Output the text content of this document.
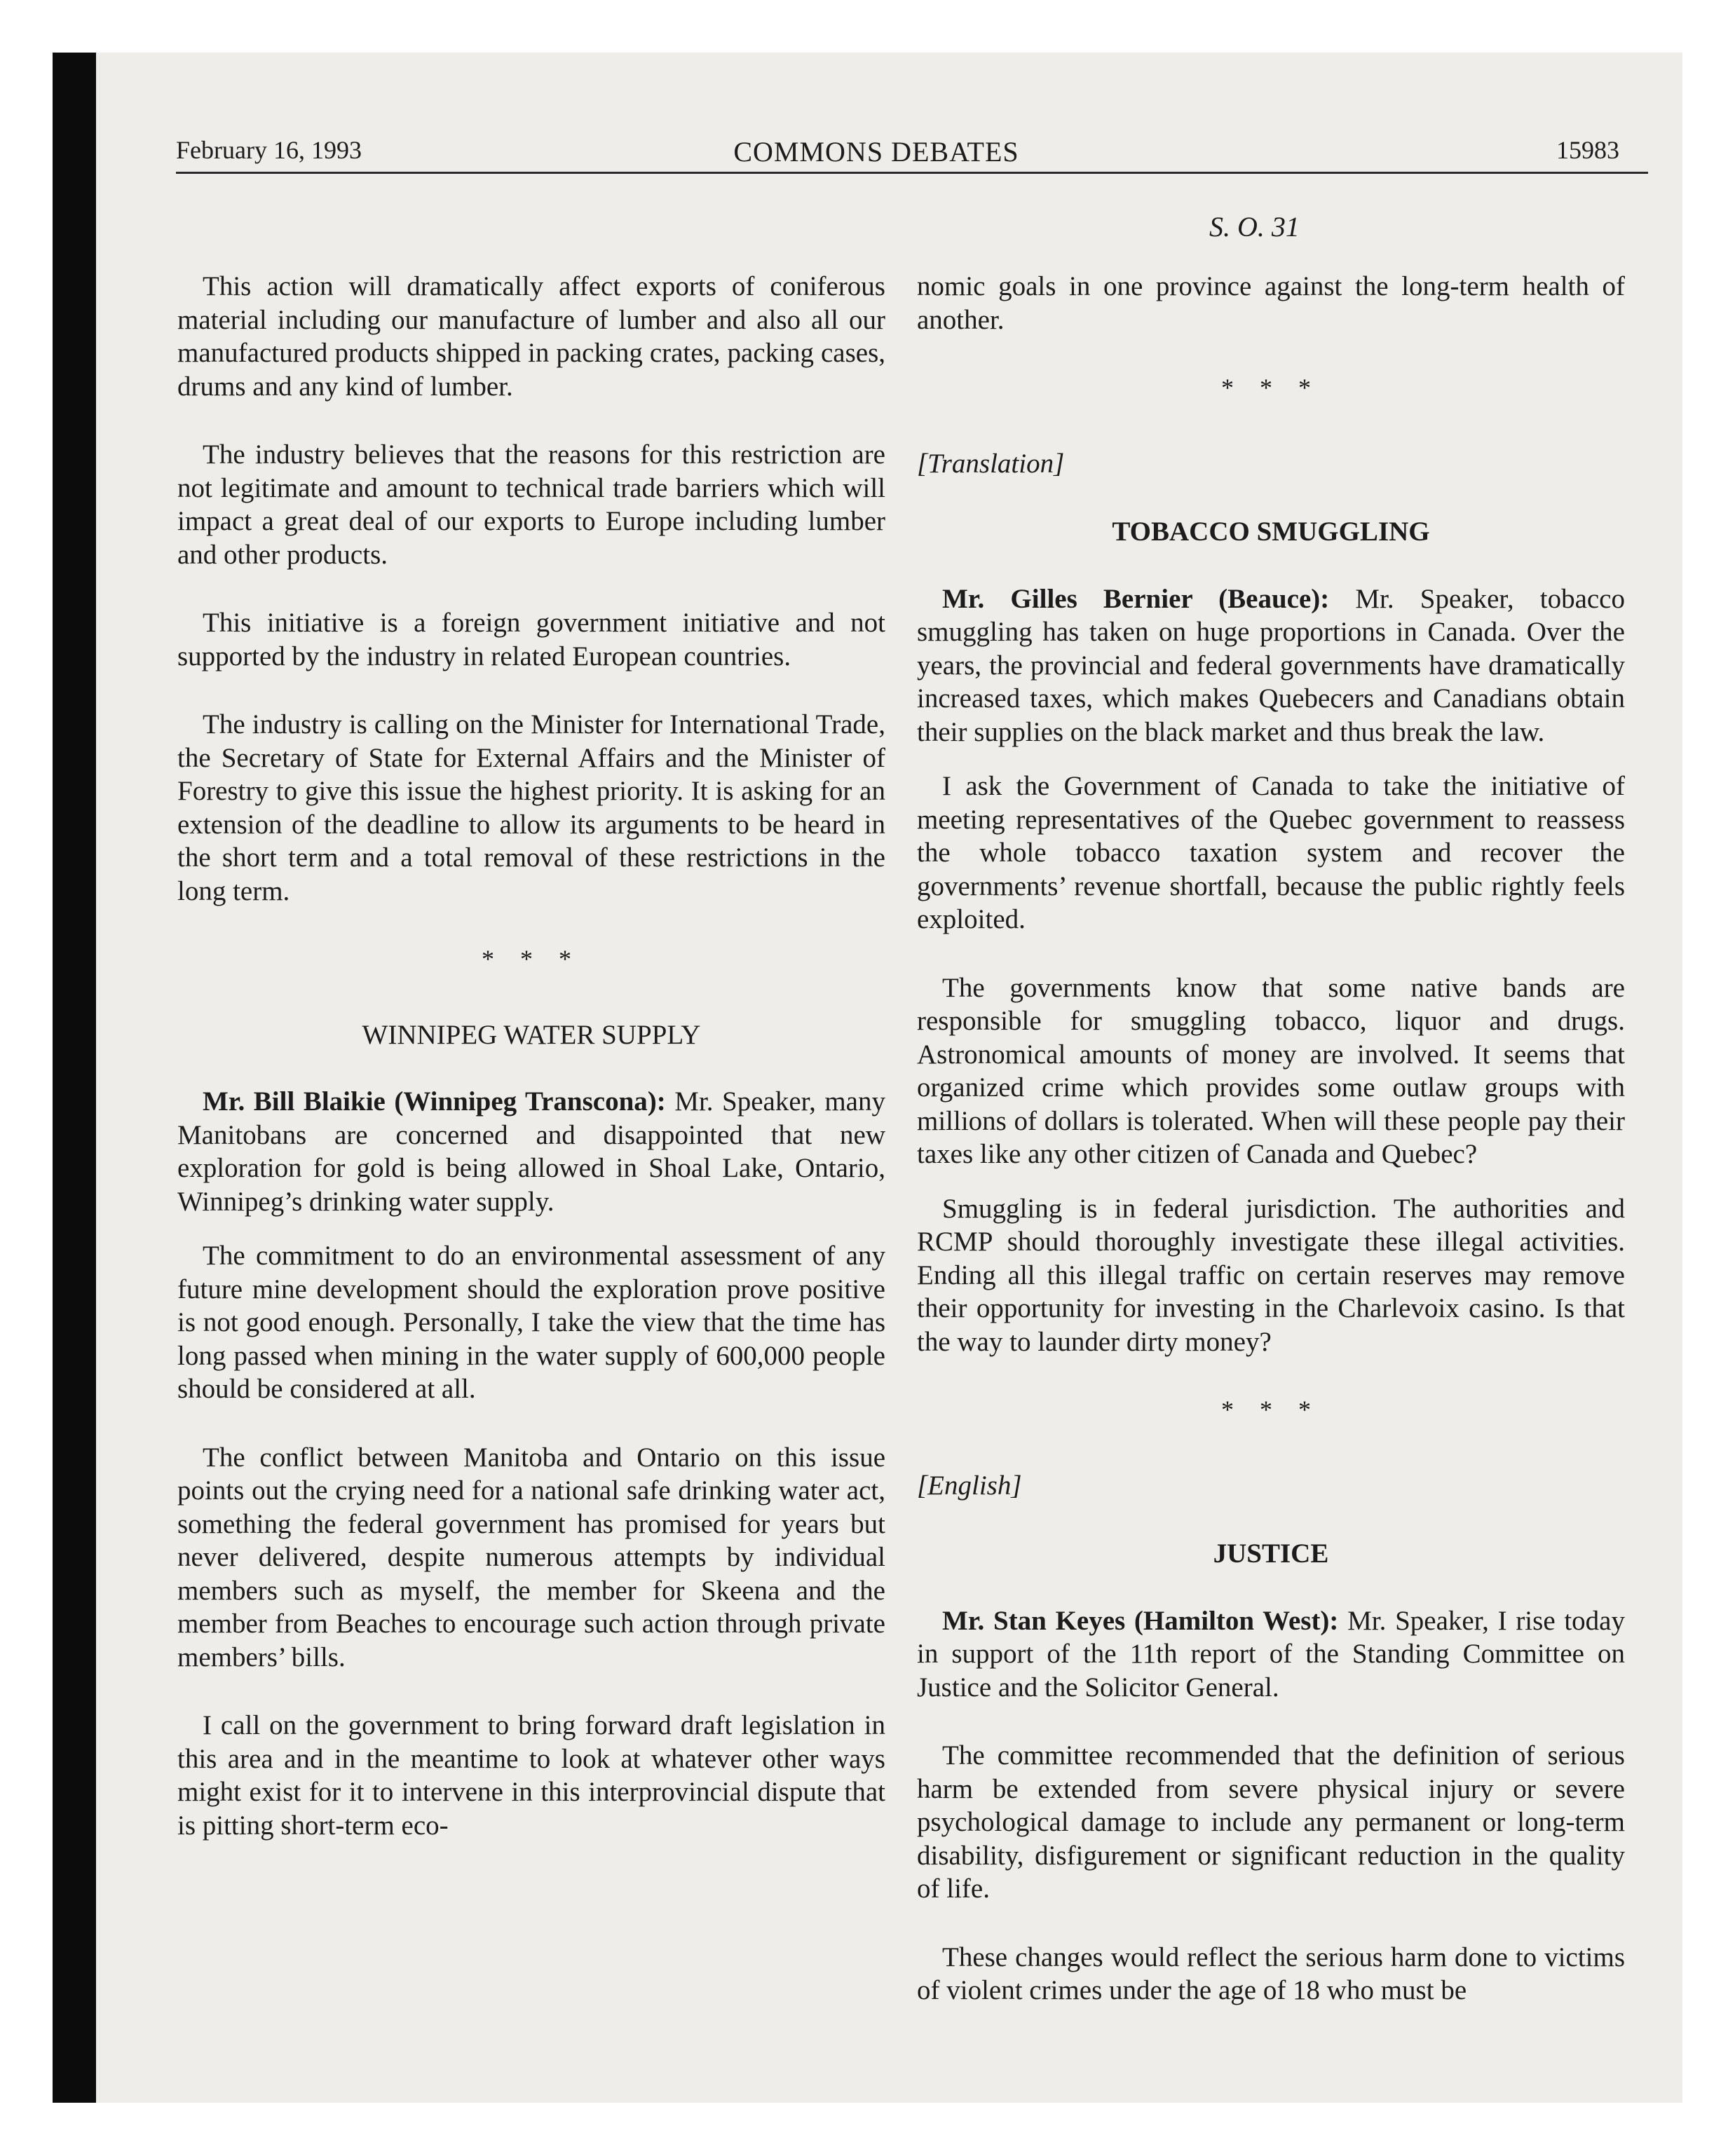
February 16, 1993	COMMONS DEBATES	15983
S. O. 31

This action will dramatically affect exports of coniferous material including our manufacture of lumber and also all our manufactured products shipped in packing crates, packing cases, drums and any kind of lumber.

The industry believes that the reasons for this restriction are not legitimate and amount to technical trade barriers which will impact a great deal of our exports to Europe including lumber and other products.

This initiative is a foreign government initiative and not supported by the industry in related European countries.

The industry is calling on the Minister for International Trade, the Secretary of State for External Affairs and the Minister of Forestry to give this issue the highest priority. It is asking for an extension of the deadline to allow its arguments to be heard in the short term and a total removal of these restrictions in the long term.

* * *
WINNIPEG WATER SUPPLY

Mr. Bill Blaikie (Winnipeg Transcona): Mr. Speaker, many Manitobans are concerned and disappointed that new exploration for gold is being allowed in Shoal Lake, Ontario, Winnipeg’s drinking water supply.

The commitment to do an environmental assessment of any future mine development should the exploration prove positive is not good enough. Personally, I take the view that the time has long passed when mining in the water supply of 600,000 people should be considered at all.

The conflict between Manitoba and Ontario on this issue points out the crying need for a national safe drinking water act, something the federal government has promised for years but never delivered, despite numerous attempts by individual members such as myself, the member for Skeena and the member from Beaches to encourage such action through private members’ bills.

I call on the government to bring forward draft legislation in this area and in the meantime to look at whatever other ways might exist for it to intervene in this interprovincial dispute that is pitting short-term eco-

nomic goals in one province against the long-term health of another.

* * *
[Translation]
TOBACCO SMUGGLING

Mr. Gilles Bernier (Beauce): Mr. Speaker, tobacco smuggling has taken on huge proportions in Canada. Over the years, the provincial and federal governments have dramatically increased taxes, which makes Quebecers and Canadians obtain their supplies on the black market and thus break the law.

I ask the Government of Canada to take the initiative of meeting representatives of the Quebec government to reassess the whole tobacco taxation system and recover the governments’ revenue shortfall, because the public rightly feels exploited.

The governments know that some native bands are responsible for smuggling tobacco, liquor and drugs. Astronomical amounts of money are involved. It seems that organized crime which provides some outlaw groups with millions of dollars is tolerated. When will these people pay their taxes like any other citizen of Canada and Quebec?

Smuggling is in federal jurisdiction. The authorities and RCMP should thoroughly investigate these illegal activities. Ending all this illegal traffic on certain reserves may remove their opportunity for investing in the Charlevoix casino. Is that the way to launder dirty money?

* * *
[English]
JUSTICE

Mr. Stan Keyes (Hamilton West): Mr. Speaker, I rise today in support of the 11th report of the Standing Committee on Justice and the Solicitor General.

The committee recommended that the definition of serious harm be extended from severe physical injury or severe psychological damage to include any permanent or long-term disability, disfigurement or significant reduction in the quality of life.

These changes would reflect the serious harm done to victims of violent crimes under the age of 18 who must be
